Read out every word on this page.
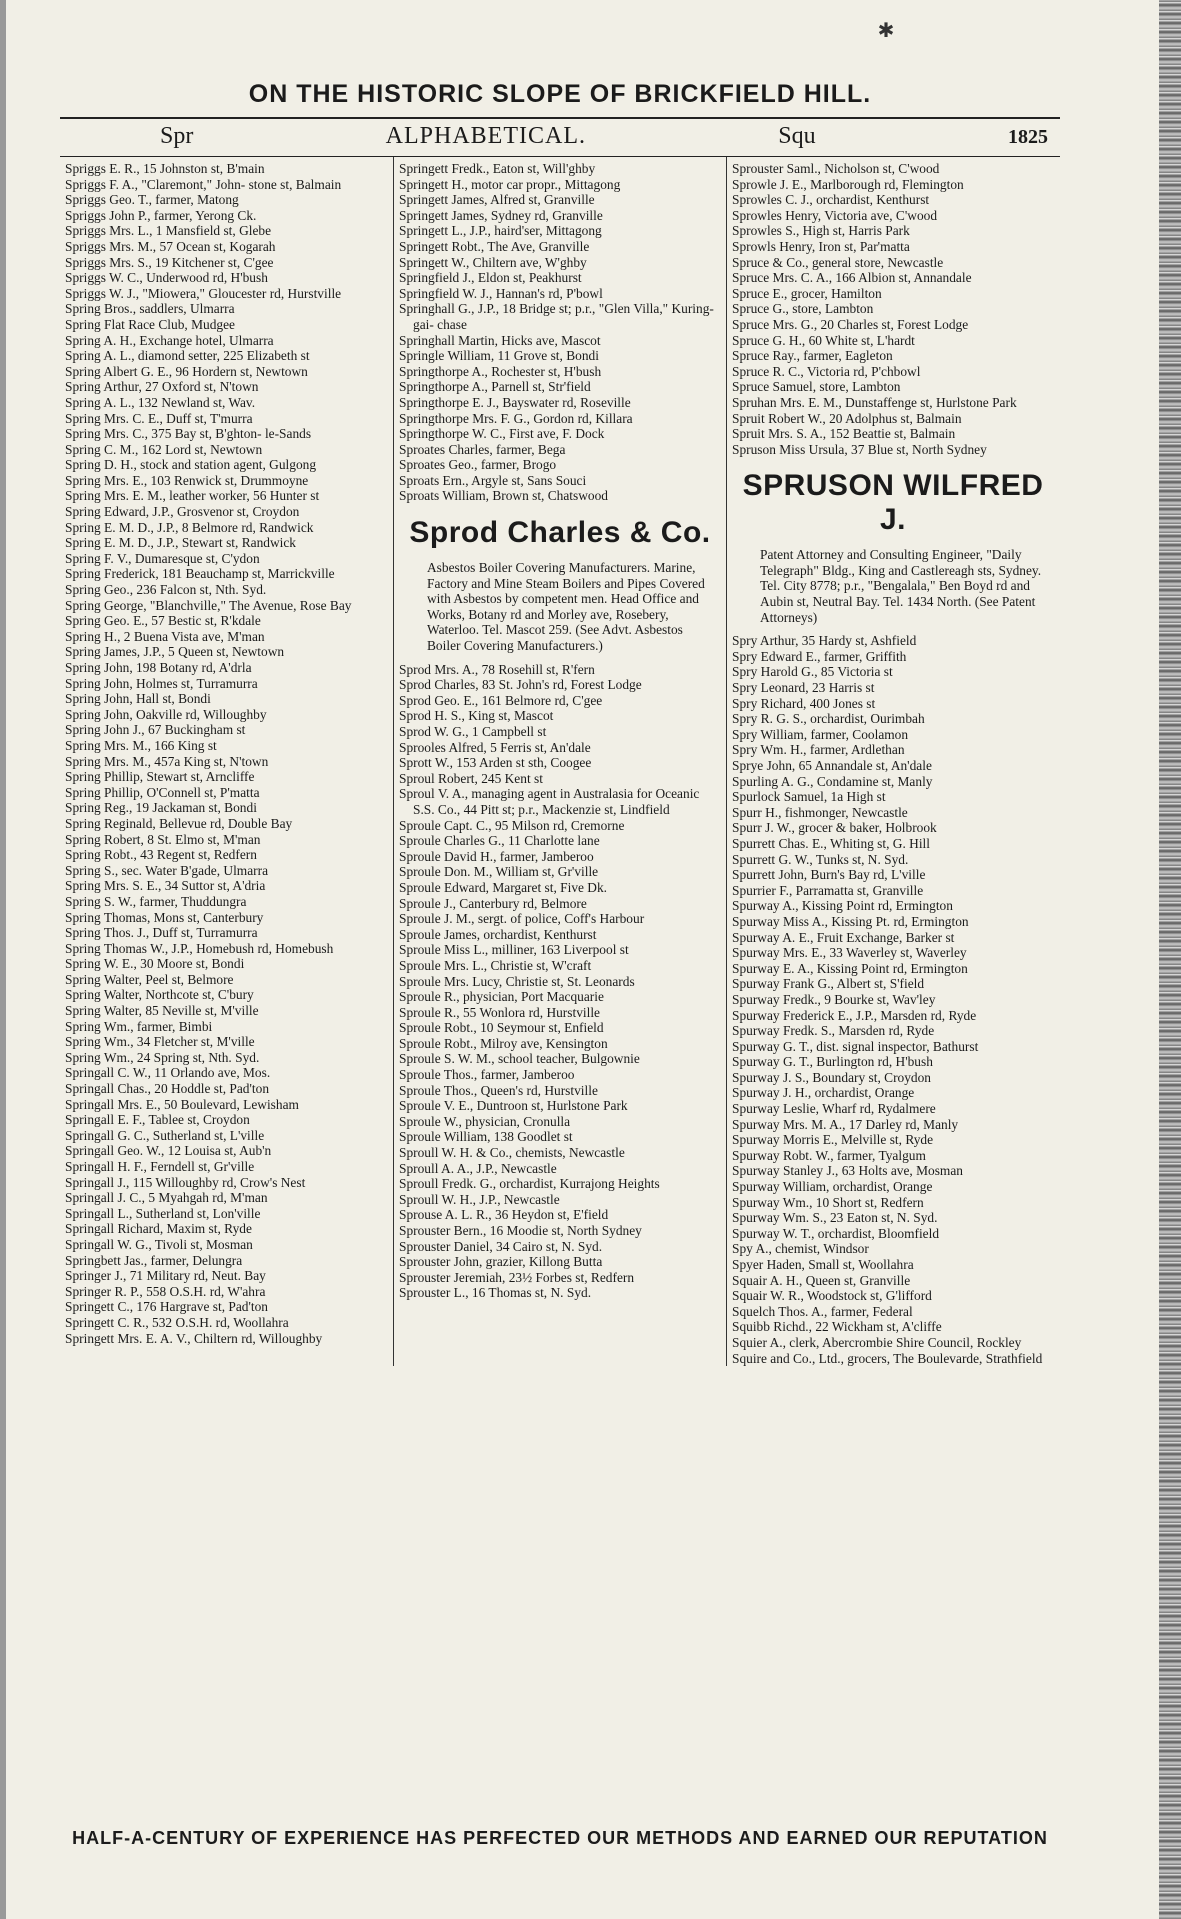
✱
ON THE HISTORIC SLOPE OF BRICKFIELD HILL.
Spr	ALPHABETICAL.	Squ	1825

Spriggs E. R., 15 Johnston st, B'main

Spriggs F. A., "Claremont," John- stone st, Balmain

Spriggs Geo. T., farmer, Matong

Spriggs John P., farmer, Yerong Ck.

Spriggs Mrs. L., 1 Mansfield st, Glebe

Spriggs Mrs. M., 57 Ocean st, Kogarah

Spriggs Mrs. S., 19 Kitchener st, C'gee

Spriggs W. C., Underwood rd, H'bush

Spriggs W. J., "Miowera," Gloucester rd, Hurstville

Spring Bros., saddlers, Ulmarra

Spring Flat Race Club, Mudgee

Spring A. H., Exchange hotel, Ulmarra

Spring A. L., diamond setter, 225 Elizabeth st

Spring Albert G. E., 96 Hordern st, Newtown

Spring Arthur, 27 Oxford st, N'town

Spring A. L., 132 Newland st, Wav.

Spring Mrs. C. E., Duff st, T'murra

Spring Mrs. C., 375 Bay st, B'ghton- le-Sands

Spring C. M., 162 Lord st, Newtown

Spring D. H., stock and station agent, Gulgong

Spring Mrs. E., 103 Renwick st, Drummoyne

Spring Mrs. E. M., leather worker, 56 Hunter st

Spring Edward, J.P., Grosvenor st, Croydon

Spring E. M. D., J.P., 8 Belmore rd, Randwick

Spring E. M. D., J.P., Stewart st, Randwick

Spring F. V., Dumaresque st, C'ydon

Spring Frederick, 181 Beauchamp st, Marrickville

Spring Geo., 236 Falcon st, Nth. Syd.

Spring George, "Blanchville," The Avenue, Rose Bay

Spring Geo. E., 57 Bestic st, R'kdale

Spring H., 2 Buena Vista ave, M'man

Spring James, J.P., 5 Queen st, Newtown

Spring John, 198 Botany rd, A'drla

Spring John, Holmes st, Turramurra

Spring John, Hall st, Bondi

Spring John, Oakville rd, Willoughby

Spring John J., 67 Buckingham st

Spring Mrs. M., 166 King st

Spring Mrs. M., 457a King st, N'town

Spring Phillip, Stewart st, Arncliffe

Spring Phillip, O'Connell st, P'matta

Spring Reg., 19 Jackaman st, Bondi

Spring Reginald, Bellevue rd, Double Bay

Spring Robert, 8 St. Elmo st, M'man

Spring Robt., 43 Regent st, Redfern

Spring S., sec. Water B'gade, Ulmarra

Spring Mrs. S. E., 34 Suttor st, A'dria

Spring S. W., farmer, Thuddungra

Spring Thomas, Mons st, Canterbury

Spring Thos. J., Duff st, Turramurra

Spring Thomas W., J.P., Homebush rd, Homebush

Spring W. E., 30 Moore st, Bondi

Spring Walter, Peel st, Belmore

Spring Walter, Northcote st, C'bury

Spring Walter, 85 Neville st, M'ville

Spring Wm., farmer, Bimbi

Spring Wm., 34 Fletcher st, M'ville

Spring Wm., 24 Spring st, Nth. Syd.

Springall C. W., 11 Orlando ave, Mos.

Springall Chas., 20 Hoddle st, Pad'ton

Springall Mrs. E., 50 Boulevard, Lewisham

Springall E. F., Tablee st, Croydon

Springall G. C., Sutherland st, L'ville

Springall Geo. W., 12 Louisa st, Aub'n

Springall H. F., Ferndell st, Gr'ville

Springall J., 115 Willoughby rd, Crow's Nest

Springall J. C., 5 Myahgah rd, M'man

Springall L., Sutherland st, Lon'ville

Springall Richard, Maxim st, Ryde

Springall W. G., Tivoli st, Mosman

Springbett Jas., farmer, Delungra

Springer J., 71 Military rd, Neut. Bay

Springer R. P., 558 O.S.H. rd, W'ahra

Springett C., 176 Hargrave st, Pad'ton

Springett C. R., 532 O.S.H. rd, Woollahra

Springett Mrs. E. A. V., Chiltern rd, Willoughby

Springett Fredk., Eaton st, Will'ghby

Springett H., motor car propr., Mittagong

Springett James, Alfred st, Granville

Springett James, Sydney rd, Granville

Springett L., J.P., haird'ser, Mittagong

Springett Robt., The Ave, Granville

Springett W., Chiltern ave, W'ghby

Springfield J., Eldon st, Peakhurst

Springfield W. J., Hannan's rd, P'bowl

Springhall G., J.P., 18 Bridge st; p.r., "Glen Villa," Kuring-gai- chase

Springhall Martin, Hicks ave, Mascot

Springle William, 11 Grove st, Bondi

Springthorpe A., Rochester st, H'bush

Springthorpe A., Parnell st, Str'field

Springthorpe E. J., Bayswater rd, Roseville

Springthorpe Mrs. F. G., Gordon rd, Killara

Springthorpe W. C., First ave, F. Dock

Sproates Charles, farmer, Bega

Sproates Geo., farmer, Brogo

Sproats Ern., Argyle st, Sans Souci

Sproats William, Brown st, Chatswood

Sprod Charles & Co.
Asbestos Boiler Covering Manufacturers. Marine, Factory and Mine Steam Boilers and Pipes Covered with Asbestos by competent men. Head Office and Works, Botany rd and Morley ave, Rosebery, Waterloo. Tel. Mascot 259. (See Advt. Asbestos Boiler Covering Manufacturers.)

Sprod Mrs. A., 78 Rosehill st, R'fern

Sprod Charles, 83 St. John's rd, Forest Lodge

Sprod Geo. E., 161 Belmore rd, C'gee

Sprod H. S., King st, Mascot

Sprod W. G., 1 Campbell st

Sprooles Alfred, 5 Ferris st, An'dale

Sprott W., 153 Arden st sth, Coogee

Sproul Robert, 245 Kent st

Sproul V. A., managing agent in Australasia for Oceanic S.S. Co., 44 Pitt st; p.r., Mackenzie st, Lindfield

Sproule Capt. C., 95 Milson rd, Cremorne

Sproule Charles G., 11 Charlotte lane

Sproule David H., farmer, Jamberoo

Sproule Don. M., William st, Gr'ville

Sproule Edward, Margaret st, Five Dk.

Sproule J., Canterbury rd, Belmore

Sproule J. M., sergt. of police, Coff's Harbour

Sproule James, orchardist, Kenthurst

Sproule Miss L., milliner, 163 Liverpool st

Sproule Mrs. L., Christie st, W'craft

Sproule Mrs. Lucy, Christie st, St. Leonards

Sproule R., physician, Port Macquarie

Sproule R., 55 Wonlora rd, Hurstville

Sproule Robt., 10 Seymour st, Enfield

Sproule Robt., Milroy ave, Kensington

Sproule S. W. M., school teacher, Bulgownie

Sproule Thos., farmer, Jamberoo

Sproule Thos., Queen's rd, Hurstville

Sproule V. E., Duntroon st, Hurlstone Park

Sproule W., physician, Cronulla

Sproule William, 138 Goodlet st

Sproull W. H. & Co., chemists, Newcastle

Sproull A. A., J.P., Newcastle

Sproull Fredk. G., orchardist, Kurrajong Heights

Sproull W. H., J.P., Newcastle

Sprouse A. L. R., 36 Heydon st, E'field

Sprouster Bern., 16 Moodie st, North Sydney

Sprouster Daniel, 34 Cairo st, N. Syd.

Sprouster John, grazier, Killong Butta

Sprouster Jeremiah, 23½ Forbes st, Redfern

Sprouster L., 16 Thomas st, N. Syd.

Sprouster Saml., Nicholson st, C'wood

Sprowle J. E., Marlborough rd, Flemington

Sprowles C. J., orchardist, Kenthurst

Sprowles Henry, Victoria ave, C'wood

Sprowles S., High st, Harris Park

Sprowls Henry, Iron st, Par'matta

Spruce & Co., general store, Newcastle

Spruce Mrs. C. A., 166 Albion st, Annandale

Spruce E., grocer, Hamilton

Spruce G., store, Lambton

Spruce Mrs. G., 20 Charles st, Forest Lodge

Spruce G. H., 60 White st, L'hardt

Spruce Ray., farmer, Eagleton

Spruce R. C., Victoria rd, P'chbowl

Spruce Samuel, store, Lambton

Spruhan Mrs. E. M., Dunstaffenge st, Hurlstone Park

Spruit Robert W., 20 Adolphus st, Balmain

Spruit Mrs. S. A., 152 Beattie st, Balmain

Spruson Miss Ursula, 37 Blue st, North Sydney

SPRUSON WILFRED J.
Patent Attorney and Consulting Engineer, "Daily Telegraph" Bldg., King and Castlereagh sts, Sydney. Tel. City 8778; p.r., "Bengalala," Ben Boyd rd and Aubin st, Neutral Bay. Tel. 1434 North. (See Patent Attorneys)

Spry Arthur, 35 Hardy st, Ashfield

Spry Edward E., farmer, Griffith

Spry Harold G., 85 Victoria st

Spry Leonard, 23 Harris st

Spry Richard, 400 Jones st

Spry R. G. S., orchardist, Ourimbah

Spry William, farmer, Coolamon

Spry Wm. H., farmer, Ardlethan

Sprye John, 65 Annandale st, An'dale

Spurling A. G., Condamine st, Manly

Spurlock Samuel, 1a High st

Spurr H., fishmonger, Newcastle

Spurr J. W., grocer & baker, Holbrook

Spurrett Chas. E., Whiting st, G. Hill

Spurrett G. W., Tunks st, N. Syd.

Spurrett John, Burn's Bay rd, L'ville

Spurrier F., Parramatta st, Granville

Spurway A., Kissing Point rd, Ermington

Spurway Miss A., Kissing Pt. rd, Ermington

Spurway A. E., Fruit Exchange, Barker st

Spurway Mrs. E., 33 Waverley st, Waverley

Spurway E. A., Kissing Point rd, Ermington

Spurway Frank G., Albert st, S'field

Spurway Fredk., 9 Bourke st, Wav'ley

Spurway Frederick E., J.P., Marsden rd, Ryde

Spurway Fredk. S., Marsden rd, Ryde

Spurway G. T., dist. signal inspector, Bathurst

Spurway G. T., Burlington rd, H'bush

Spurway J. S., Boundary st, Croydon

Spurway J. H., orchardist, Orange

Spurway Leslie, Wharf rd, Rydalmere

Spurway Mrs. M. A., 17 Darley rd, Manly

Spurway Morris E., Melville st, Ryde

Spurway Robt. W., farmer, Tyalgum

Spurway Stanley J., 63 Holts ave, Mosman

Spurway William, orchardist, Orange

Spurway Wm., 10 Short st, Redfern

Spurway Wm. S., 23 Eaton st, N. Syd.

Spurway W. T., orchardist, Bloomfield

Spy A., chemist, Windsor

Spyer Haden, Small st, Woollahra

Squair A. H., Queen st, Granville

Squair W. R., Woodstock st, G'lifford

Squelch Thos. A., farmer, Federal

Squibb Richd., 22 Wickham st, A'cliffe

Squier A., clerk, Abercrombie Shire Council, Rockley

Squire and Co., Ltd., grocers, The Boulevarde, Strathfield

HALF-A-CENTURY OF EXPERIENCE HAS PERFECTED OUR METHODS AND EARNED OUR REPUTATION
